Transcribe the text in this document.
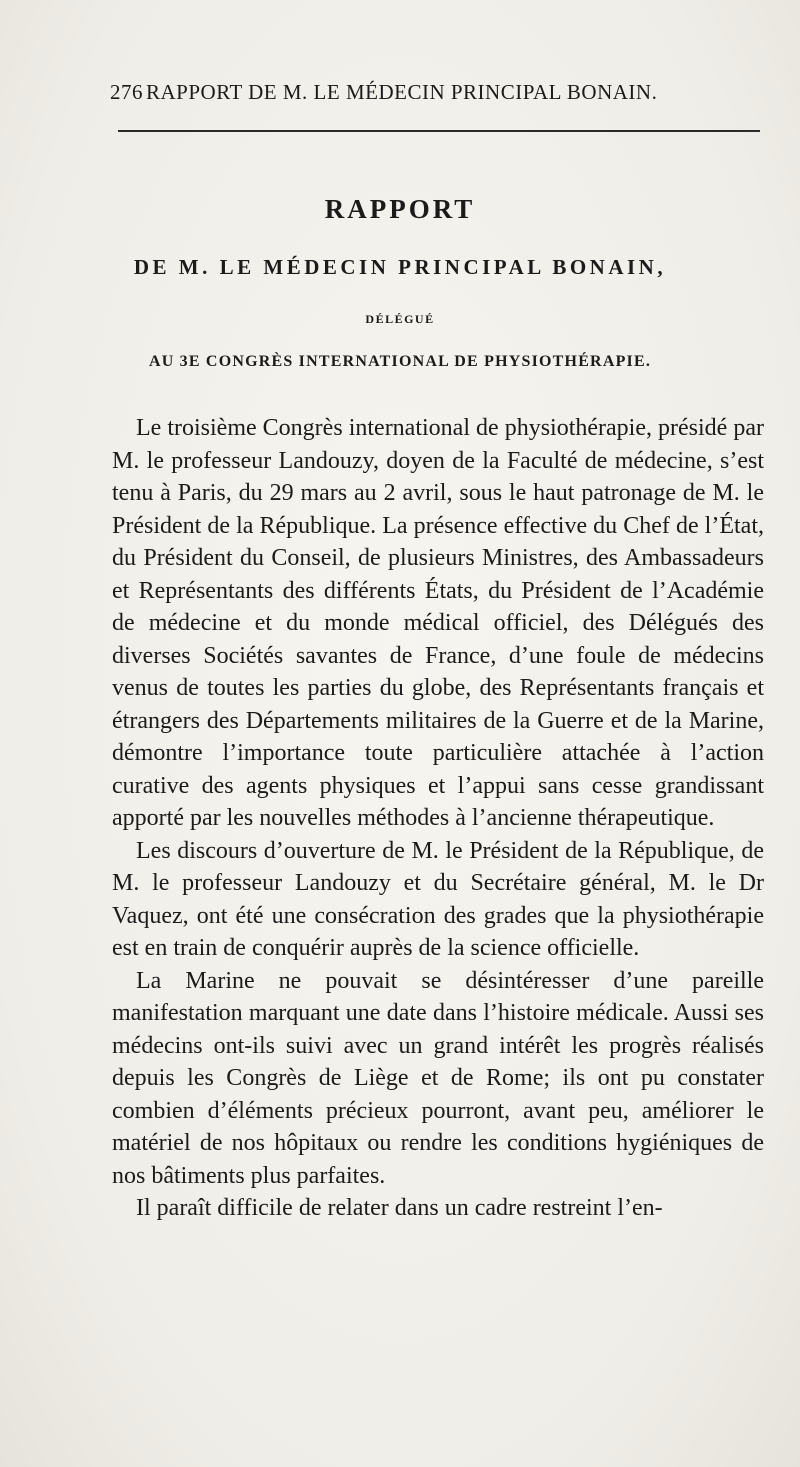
276 RAPPORT DE M. LE MÉDECIN PRINCIPAL BONAIN.
RAPPORT
DE M. LE MÉDECIN PRINCIPAL BONAIN,
DÉLÉGUÉ
AU 3E CONGRÈS INTERNATIONAL DE PHYSIOTHÉRAPIE.

Le troisième Congrès international de physiothérapie, présidé par M. le professeur Landouzy, doyen de la Faculté de médecine, s’est tenu à Paris, du 29 mars au 2 avril, sous le haut patronage de M. le Président de la République. La présence effective du Chef de l’État, du Président du Conseil, de plusieurs Ministres, des Ambassadeurs et Représentants des différents États, du Président de l’Académie de médecine et du monde médical officiel, des Délégués des diverses Sociétés savantes de France, d’une foule de médecins venus de toutes les parties du globe, des Représentants français et étrangers des Départements militaires de la Guerre et de la Marine, démontre l’importance toute particulière attachée à l’action curative des agents physiques et l’appui sans cesse grandissant apporté par les nouvelles méthodes à l’ancienne thérapeutique.

Les discours d’ouverture de M. le Président de la République, de M. le professeur Landouzy et du Secrétaire général, M. le Dr Vaquez, ont été une consécration des grades que la physiothérapie est en train de conquérir auprès de la science officielle.

La Marine ne pouvait se désintéresser d’une pareille manifestation marquant une date dans l’histoire médicale. Aussi ses médecins ont-ils suivi avec un grand intérêt les progrès réalisés depuis les Congrès de Liège et de Rome; ils ont pu constater combien d’éléments précieux pourront, avant peu, améliorer le matériel de nos hôpitaux ou rendre les conditions hygiéniques de nos bâtiments plus parfaites.

Il paraît difficile de relater dans un cadre restreint l’en-
